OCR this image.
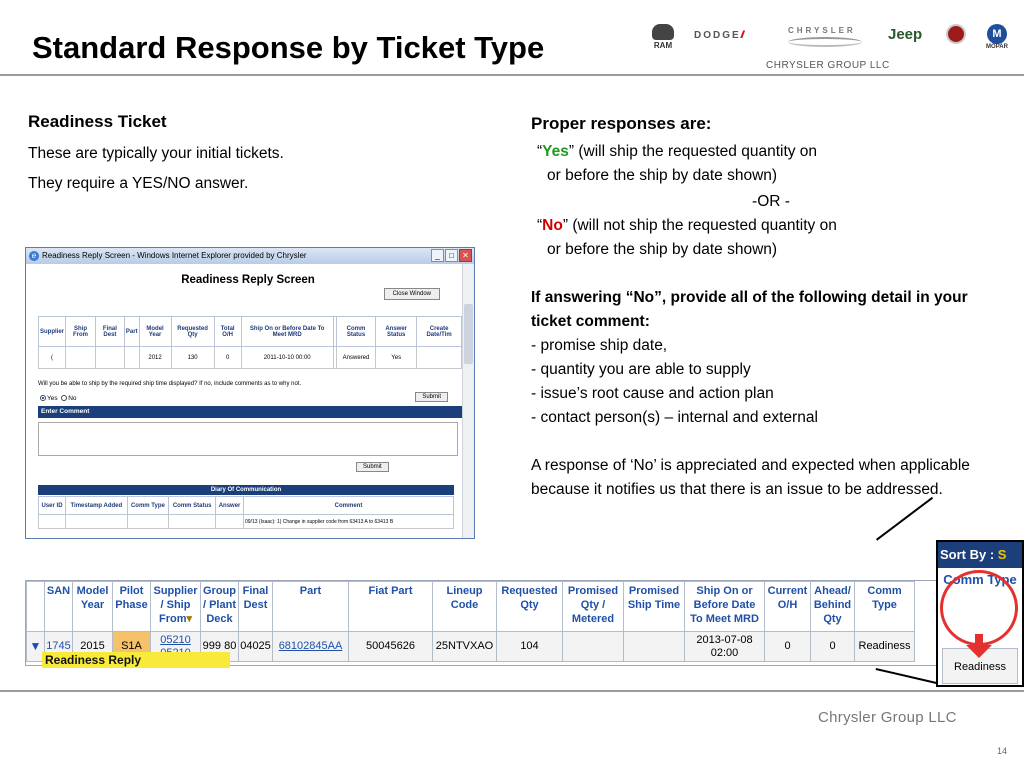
Standard Response by Ticket Type	RAM
DODGE//	CHRYSLER	Jeep	M
MOPAR
CHRYSLER GROUP LLC
Readiness Ticket
These are typically your initial tickets.
They require a YES/NO answer.
Proper responses are:
“Yes” (will ship the requested quantity on
or before the ship by date shown)
-OR -
“No” (will not ship the requested quantity on
or before the ship by date shown)
If answering “No”, provide all of the following detail in your ticket comment:
- promise ship date,
- quantity you are able to supply
- issue’s root cause and action plan
- contact person(s) – internal and external
A response of ‘No’ is appreciated and expected when applicable because it notifies us that there is an issue to be addressed.
e Readiness Reply Screen - Windows Internet Explorer provided by Chrysler	_	□	✕
Readiness Reply Screen
Close Window
Supplier	Ship From	Final Dest	Part	Model Year	Requested Qty	Total O/H	Ship On or Before Date To Meet MRD		Comm Status	Answer Status	Create Date/Tim
(				2012	130	0	2011-10-10 00:00		Answered	Yes	
Will you be able to ship by the required ship time displayed? If no, include comments as to why not.
Yes No	Submit
Enter Comment
Submit
Diary Of Communication
User ID	Timestamp Added	Comm Type	Comm Status	Answer	Comment
					09/13 (Isaac): 1) Change in supplier code from 63413 A to 63413 B
	SAN	Model Year	Pilot Phase	Supplier / Ship From▾	Group / Plant Deck	Final Dest	Part	Fiat Part	Lineup Code	Requested Qty	Promised Qty / Metered	Promised Ship Time	Ship On or Before Date To Meet MRD	Current O/H	Ahead/ Behind Qty	Comm Type
▼	1745	2015	S1A	05210	999 80	04025	68102845AA	50045626	25NTVXAO	104			2013-07-08 02:00	0	0	Readiness
Readiness Reply
Sort By : S
Comm Type
Readiness
Chrysler Group LLC
14
